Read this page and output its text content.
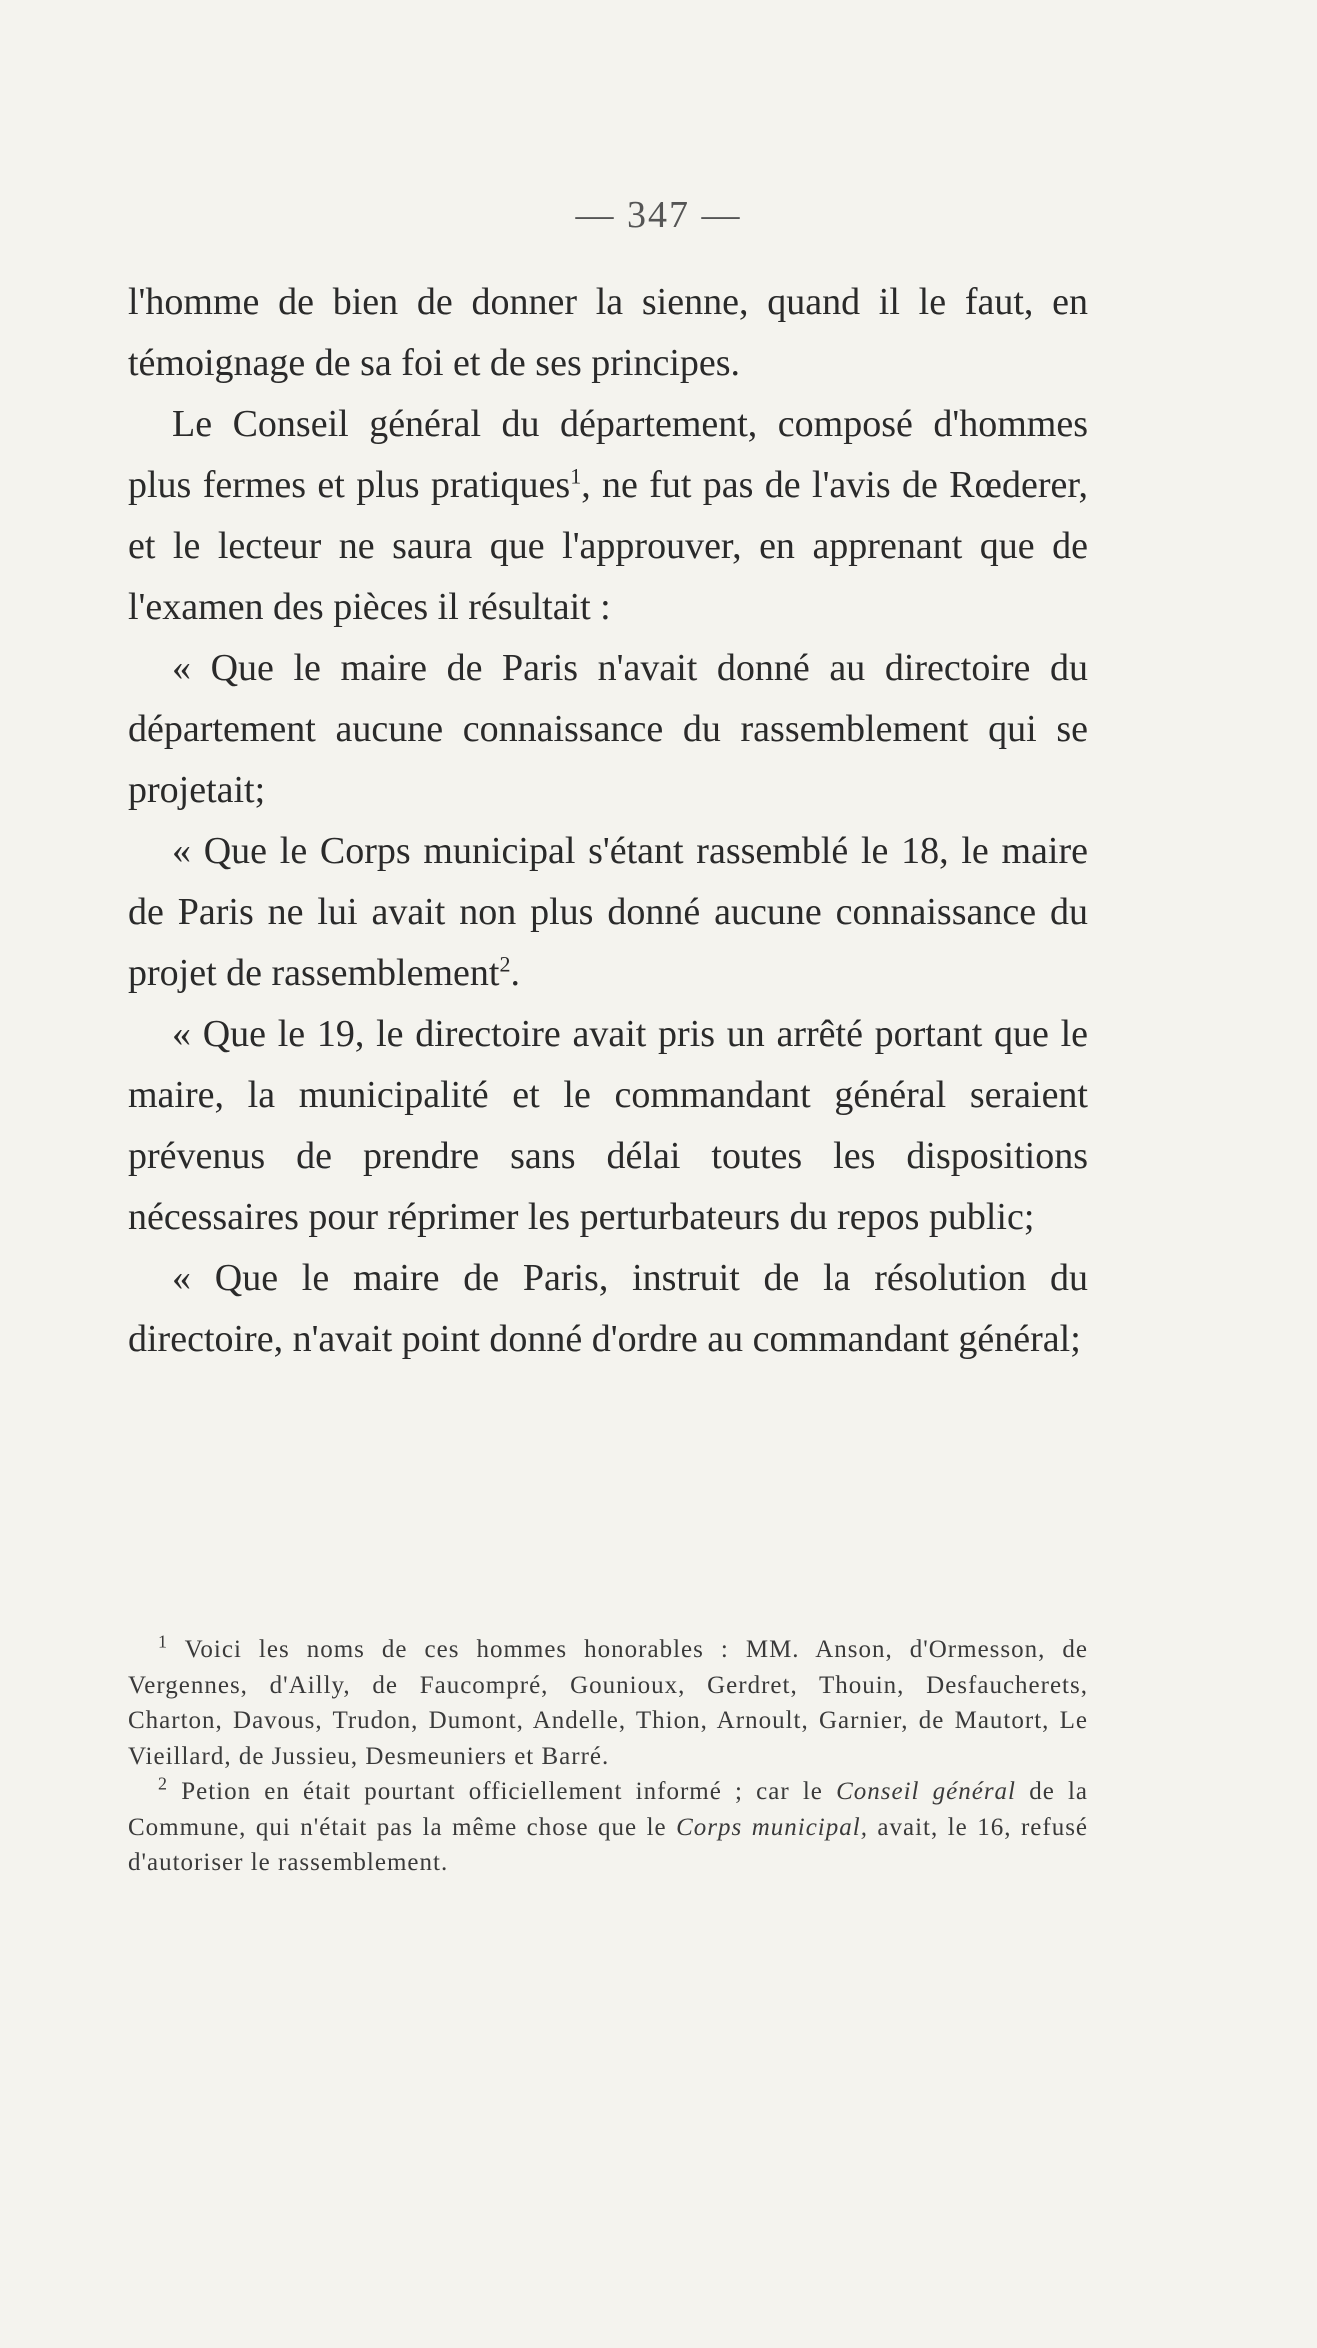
— 347 —

l'homme de bien de donner la sienne, quand il le faut, en témoignage de sa foi et de ses principes.

Le Conseil général du département, composé d'hommes plus fermes et plus pratiques$^1$, ne fut pas de l'avis de Rœderer, et le lecteur ne saura que l'approuver, en apprenant que de l'examen des pièces il résultait :

« Que le maire de Paris n'avait donné au directoire du département aucune connaissance du rassemblement qui se projetait;

« Que le Corps municipal s'étant rassemblé le 18, le maire de Paris ne lui avait non plus donné aucune connaissance du projet de rassemblement$^2$.

« Que le 19, le directoire avait pris un arrêté portant que le maire, la municipalité et le commandant général seraient prévenus de prendre sans délai toutes les dispositions nécessaires pour réprimer les perturbateurs du repos public;

« Que le maire de Paris, instruit de la résolution du directoire, n'avait point donné d'ordre au commandant général;

$^1$ Voici les noms de ces hommes honorables : MM. Anson, d'Ormesson, de Vergennes, d'Ailly, de Faucompré, Gounioux, Gerdret, Thouin, Desfaucherets, Charton, Davous, Trudon, Dumont, Andelle, Thion, Arnoult, Garnier, de Mautort, Le Vieillard, de Jussieu, Desmeuniers et Barré.

$^2$ Petion en était pourtant officiellement informé ; car le Conseil général de la Commune, qui n'était pas la même chose que le Corps municipal, avait, le 16, refusé d'autoriser le rassemblement.
